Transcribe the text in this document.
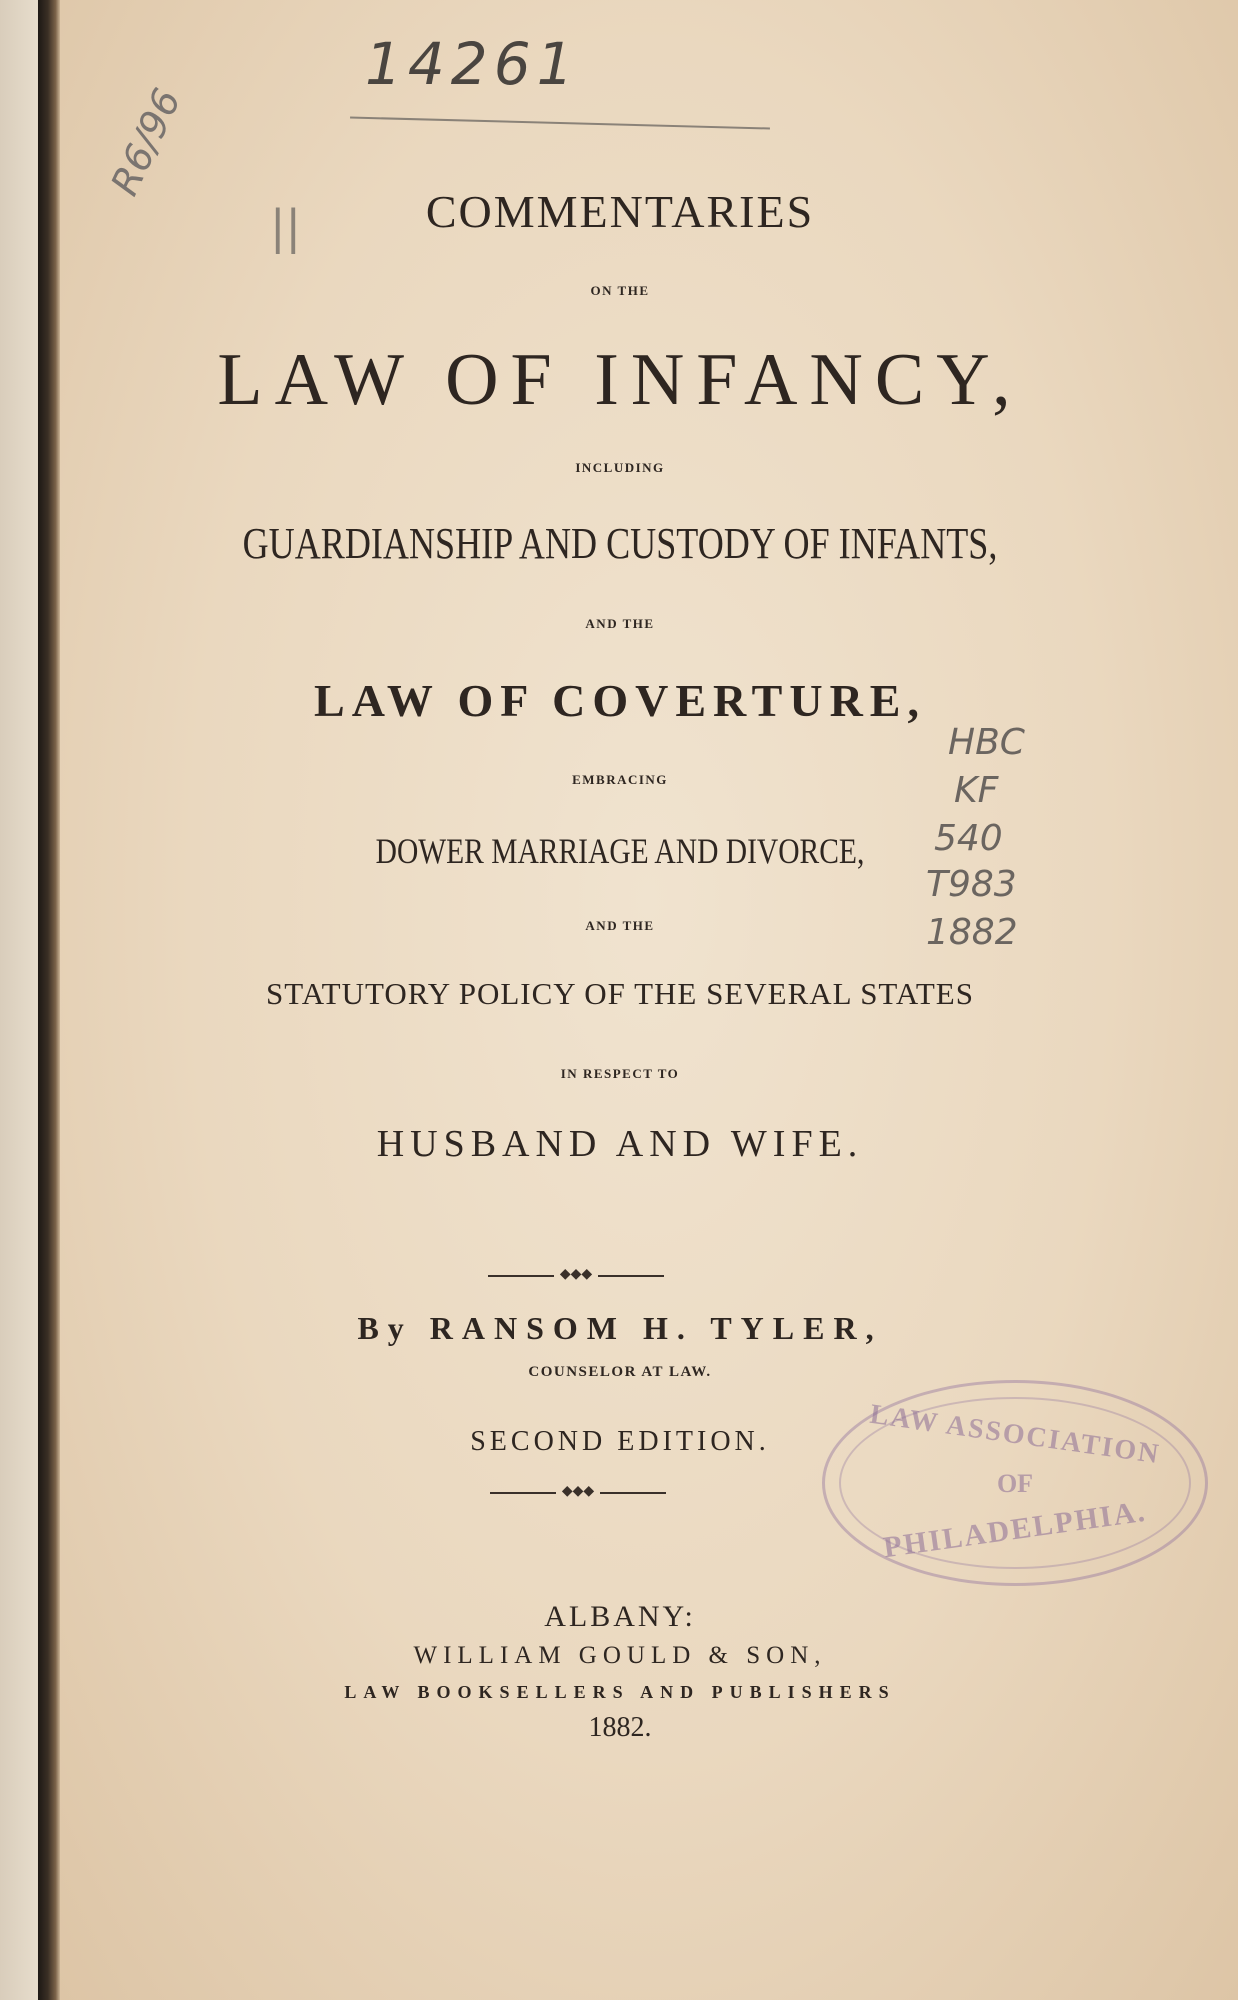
14261
R6/96
||
HBC
KF
540
T983
1882
COMMENTARIES
ON THE
LAW OF INFANCY,
INCLUDING
GUARDIANSHIP AND CUSTODY OF INFANTS,
AND THE
LAW OF COVERTURE,
EMBRACING
DOWER MARRIAGE AND DIVORCE,
AND THE
STATUTORY POLICY OF THE SEVERAL STATES
IN RESPECT TO
HUSBAND AND WIFE.
◆◆◆
By RANSOM H. TYLER,
COUNSELOR AT LAW.
SECOND EDITION.
◆◆◆
ALBANY:
WILLIAM GOULD & SON,
LAW BOOKSELLERS AND PUBLISHERS
1882.
LAW ASSOCIATION
OF
PHILADELPHIA.
